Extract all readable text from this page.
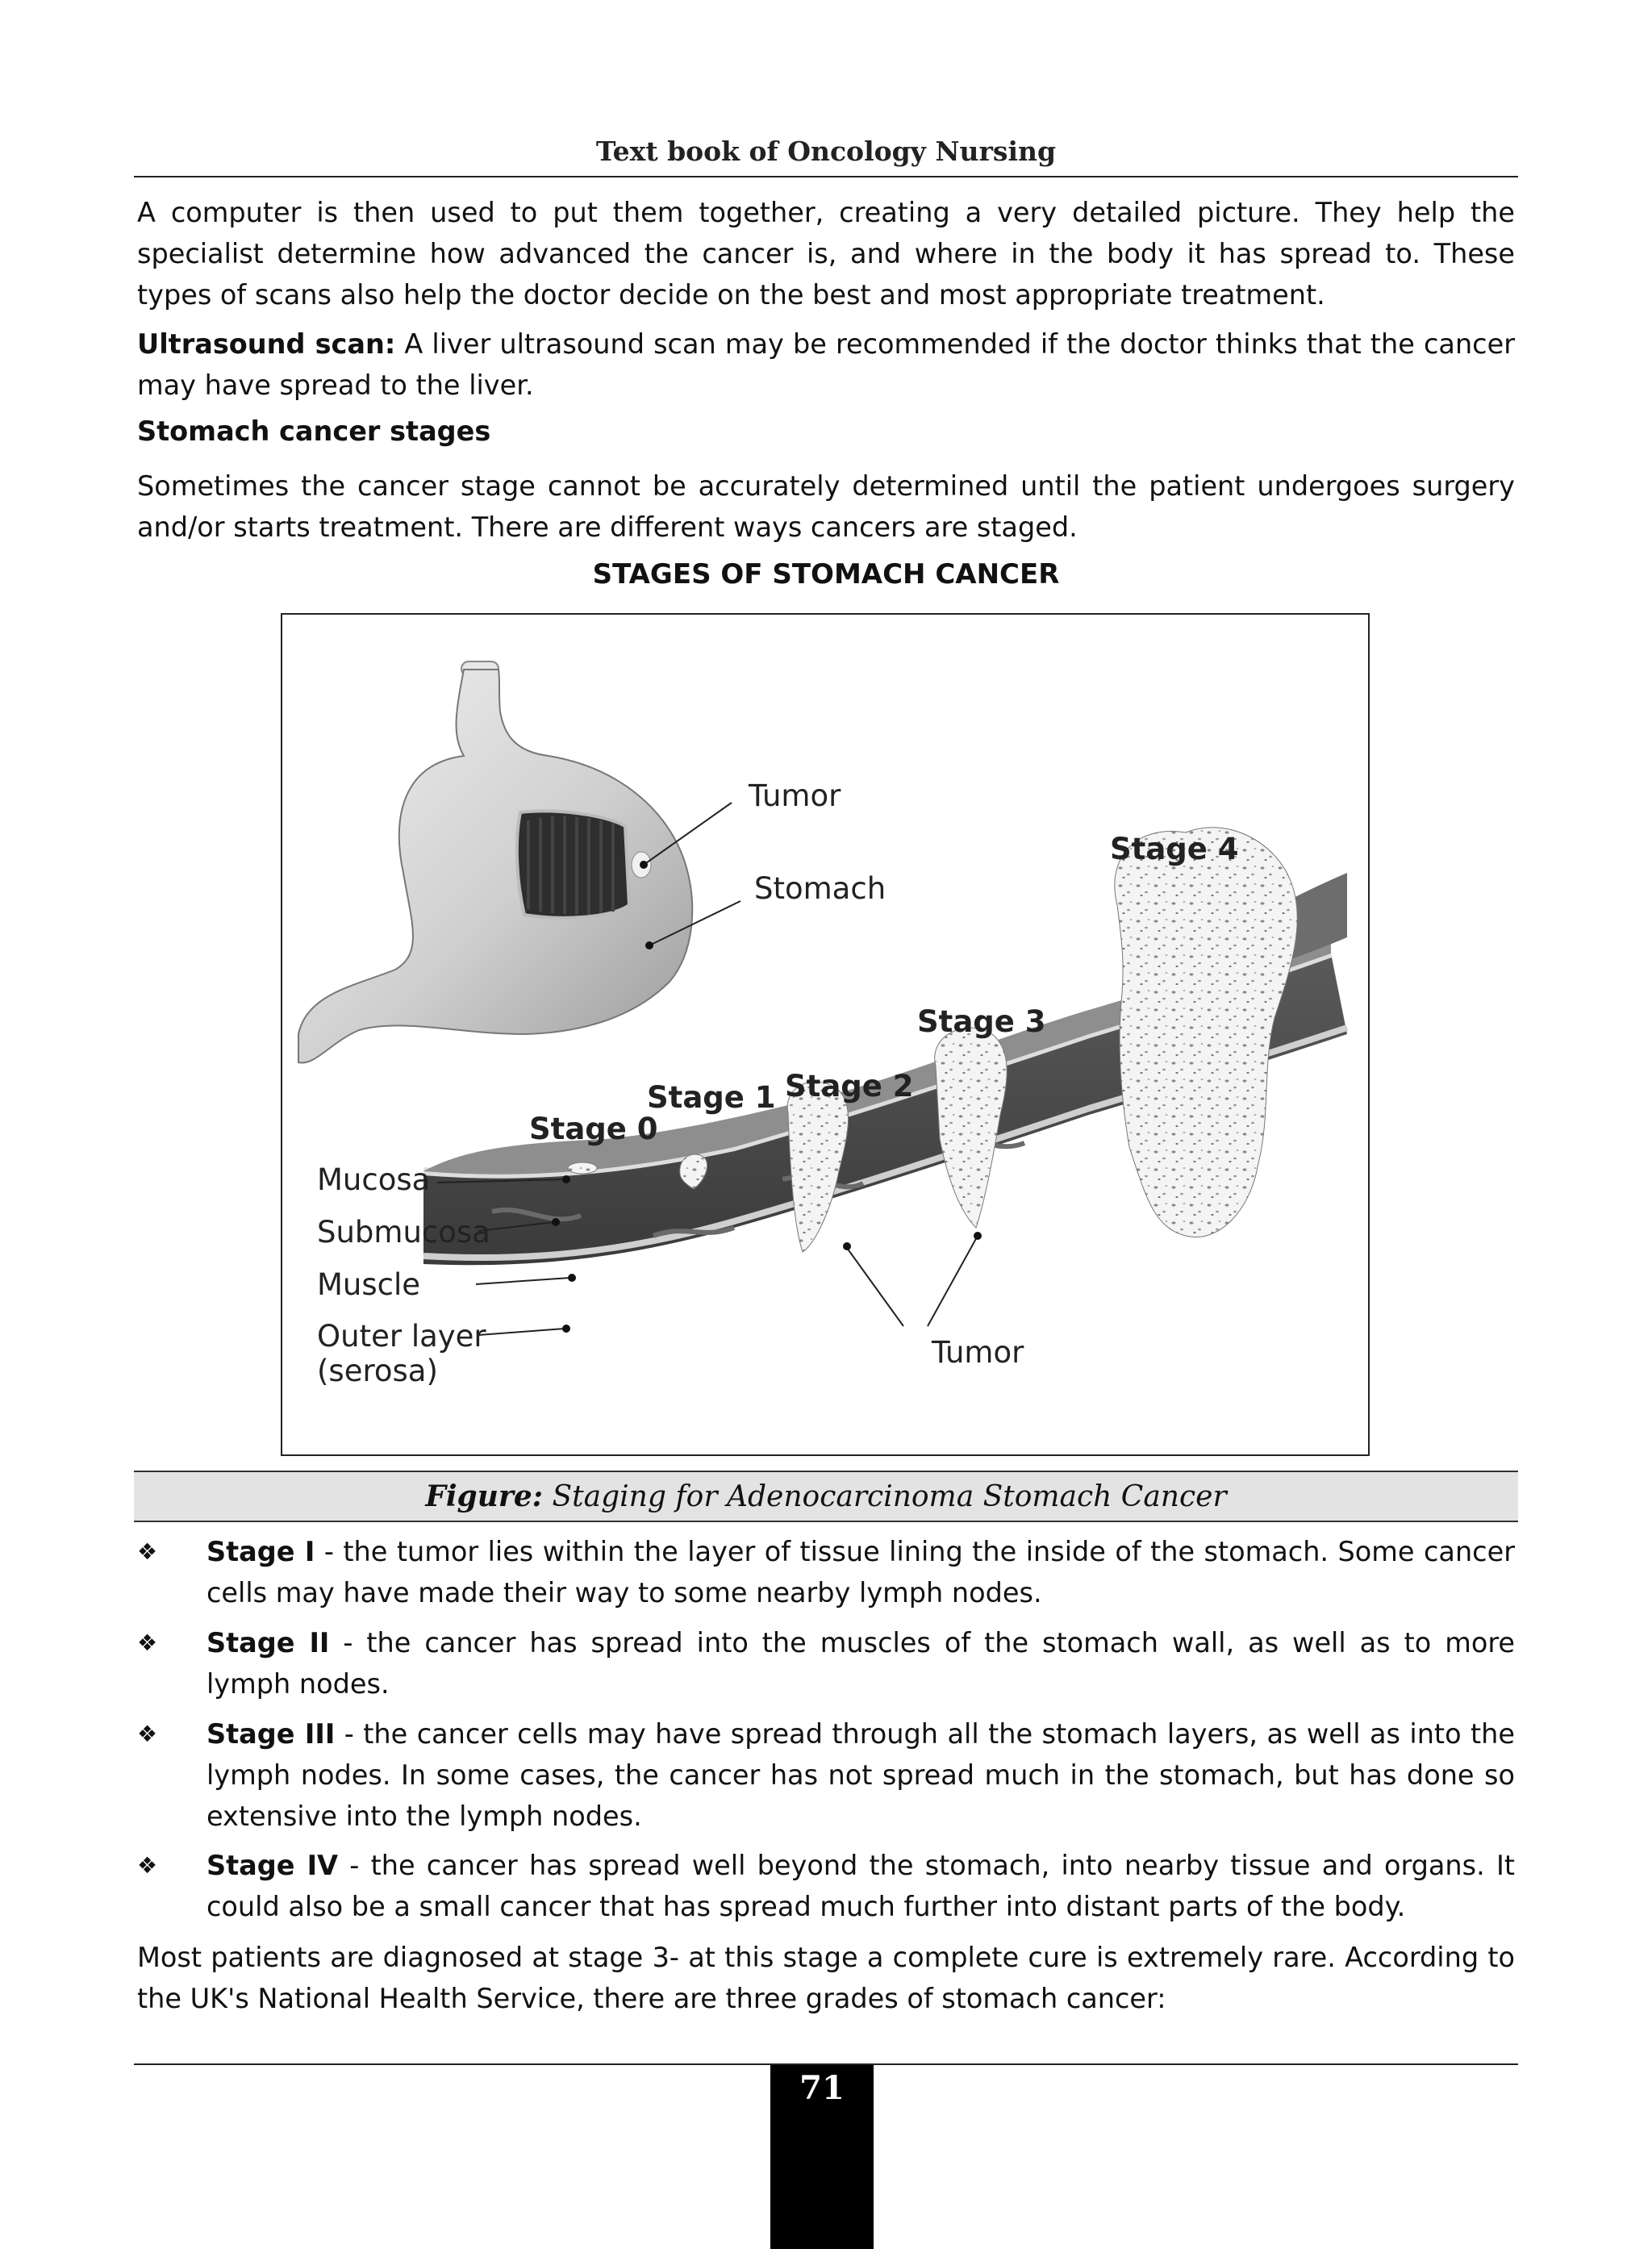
Text book of Oncology Nursing
A computer is then used to put them together, creating a very detailed picture. They help the specialist determine how advanced the cancer is, and where in the body it has spread to. These types of scans also help the doctor decide on the best and most appropriate treatment.
Ultrasound scan: A liver ultrasound scan may be recommended if the doctor thinks that the cancer may have spread to the liver.
Stomach cancer stages
Sometimes the cancer stage cannot be accurately determined until the patient undergoes surgery and/or starts treatment. There are different ways cancers are staged.
STAGES OF STOMACH CANCER
Tumor
Stomach
Stage 4
Stage 3
Stage 2
Stage 1
Stage 0
Mucosa
Submucosa
Muscle
Outer layer
(serosa)
Tumor
Figure: Staging for Adenocarcinoma Stomach Cancer
❖	Stage I - the tumor lies within the layer of tissue lining the inside of the stomach. Some cancer cells may have made their way to some nearby lymph nodes.
❖	Stage II - the cancer has spread into the muscles of the stomach wall, as well as to more lymph nodes.
❖	Stage III - the cancer cells may have spread through all the stomach layers, as well as into the lymph nodes. In some cases, the cancer has not spread much in the stomach, but has done so extensive into the lymph nodes.
❖	Stage IV - the cancer has spread well beyond the stomach, into nearby tissue and organs. It could also be a small cancer that has spread much further into distant parts of the body.
Most patients are diagnosed at stage 3- at this stage a complete cure is extremely rare. According to the UK's National Health Service, there are three grades of stomach cancer:
71
